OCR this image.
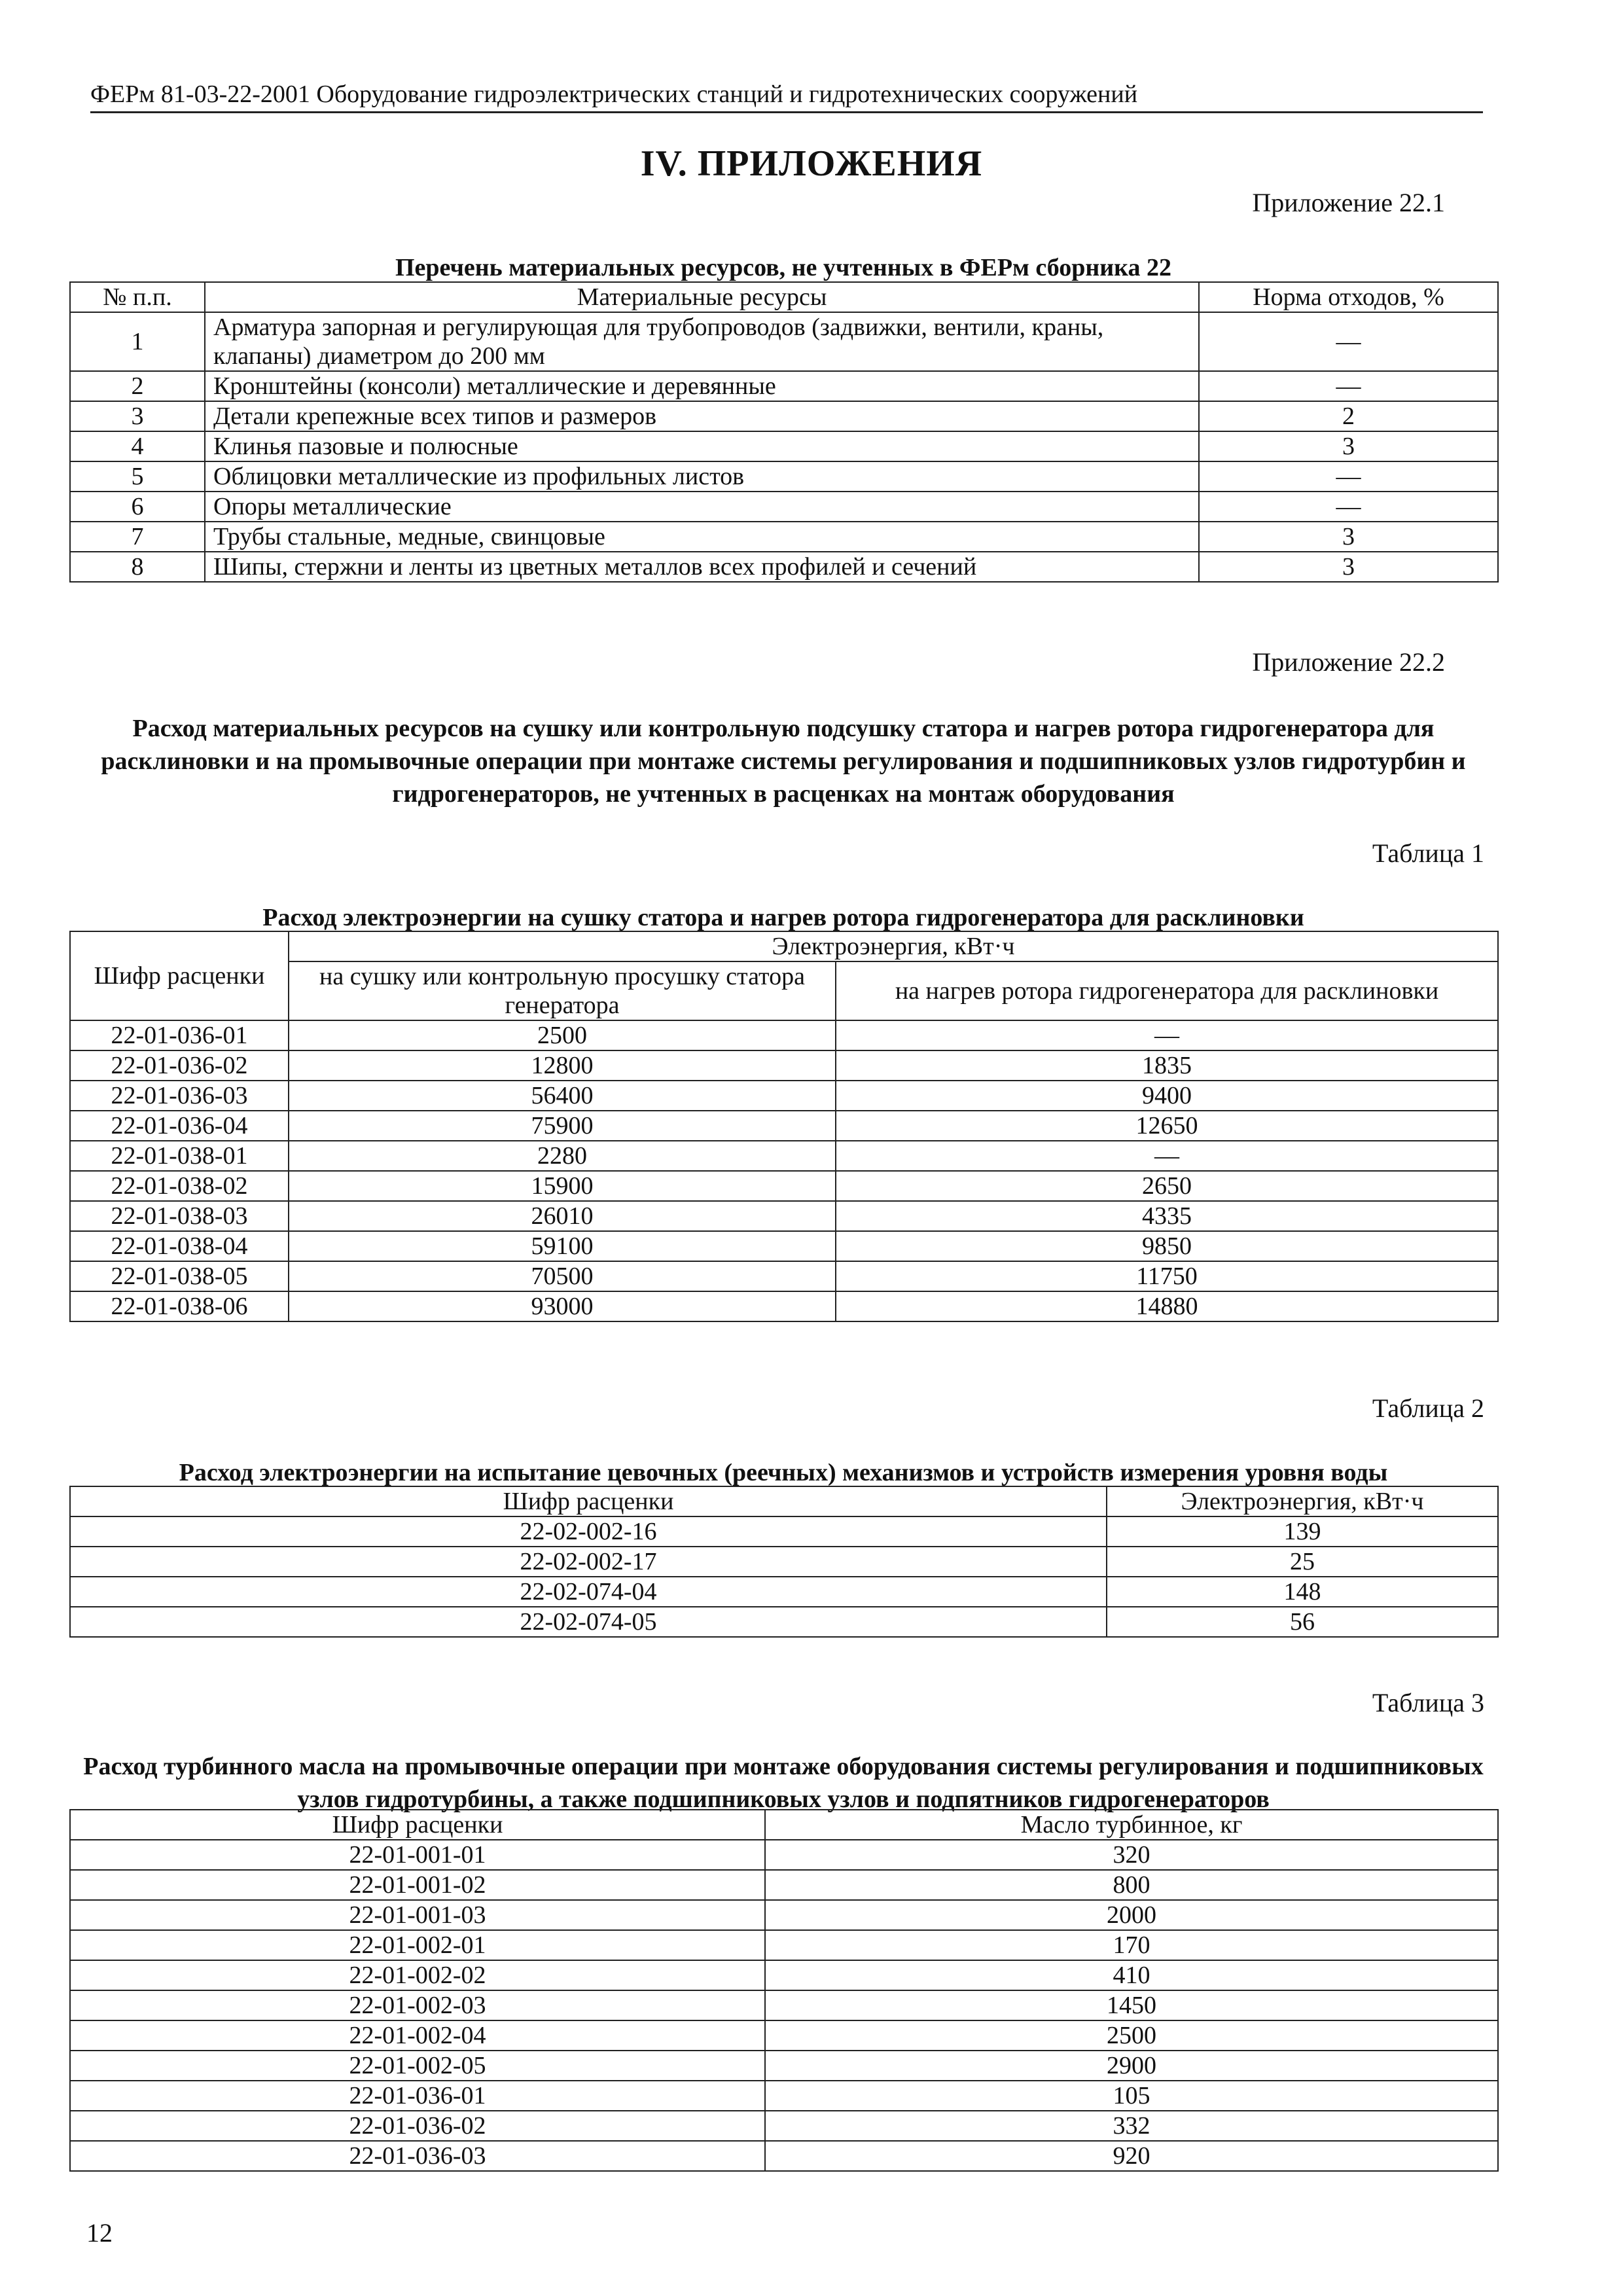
ФЕРм 81-03-22-2001 Оборудование гидроэлектрических станций и гидротехнических сооружений
IV. ПРИЛОЖЕНИЯ
Приложение 22.1
Перечень материальных ресурсов, не учтенных в ФЕРм сборника 22
№ п.п.	Материальные ресурсы	Норма отходов, %
1	Арматура запорная и регулирующая для трубопроводов (задвижки, вентили, краны, клапаны) диаметром до 200 мм	—
2	Кронштейны (консоли) металлические и деревянные	—
3	Детали крепежные всех типов и размеров	2
4	Клинья пазовые и полюсные	3
5	Облицовки металлические из профильных листов	—
6	Опоры металлические	—
7	Трубы стальные, медные, свинцовые	3
8	Шипы, стержни и ленты из цветных металлов всех профилей и сечений	3
Приложение 22.2
Расход материальных ресурсов на сушку или контрольную подсушку статора и нагрев ротора гидрогенератора для расклиновки и на промывочные операции при монтаже системы регулирования и подшипниковых узлов гидротурбин и гидрогенераторов, не учтенных в расценках на монтаж оборудования
Таблица 1
Расход электроэнергии на сушку статора и нагрев ротора гидрогенератора для расклиновки
Шифр расценки	Электроэнергия, кВт·ч	
	на сушку или контрольную просушку статора генератора	на нагрев ротора гидрогенератора для расклиновки
22-01-036-01	2500	—
22-01-036-02	12800	1835
22-01-036-03	56400	9400
22-01-036-04	75900	12650
22-01-038-01	2280	—
22-01-038-02	15900	2650
22-01-038-03	26010	4335
22-01-038-04	59100	9850
22-01-038-05	70500	11750
22-01-038-06	93000	14880
Таблица 2
Расход электроэнергии на испытание цевочных (реечных) механизмов и устройств измерения уровня воды
Шифр расценки	Электроэнергия, кВт·ч
22-02-002-16	139
22-02-002-17	25
22-02-074-04	148
22-02-074-05	56
Таблица 3
Расход турбинного масла на промывочные операции при монтаже оборудования системы регулирования и подшипниковых узлов гидротурбины, а также подшипниковых узлов и подпятников гидрогенераторов
Шифр расценки	Масло турбинное, кг
22-01-001-01	320
22-01-001-02	800
22-01-001-03	2000
22-01-002-01	170
22-01-002-02	410
22-01-002-03	1450
22-01-002-04	2500
22-01-002-05	2900
22-01-036-01	105
22-01-036-02	332
22-01-036-03	920
12
